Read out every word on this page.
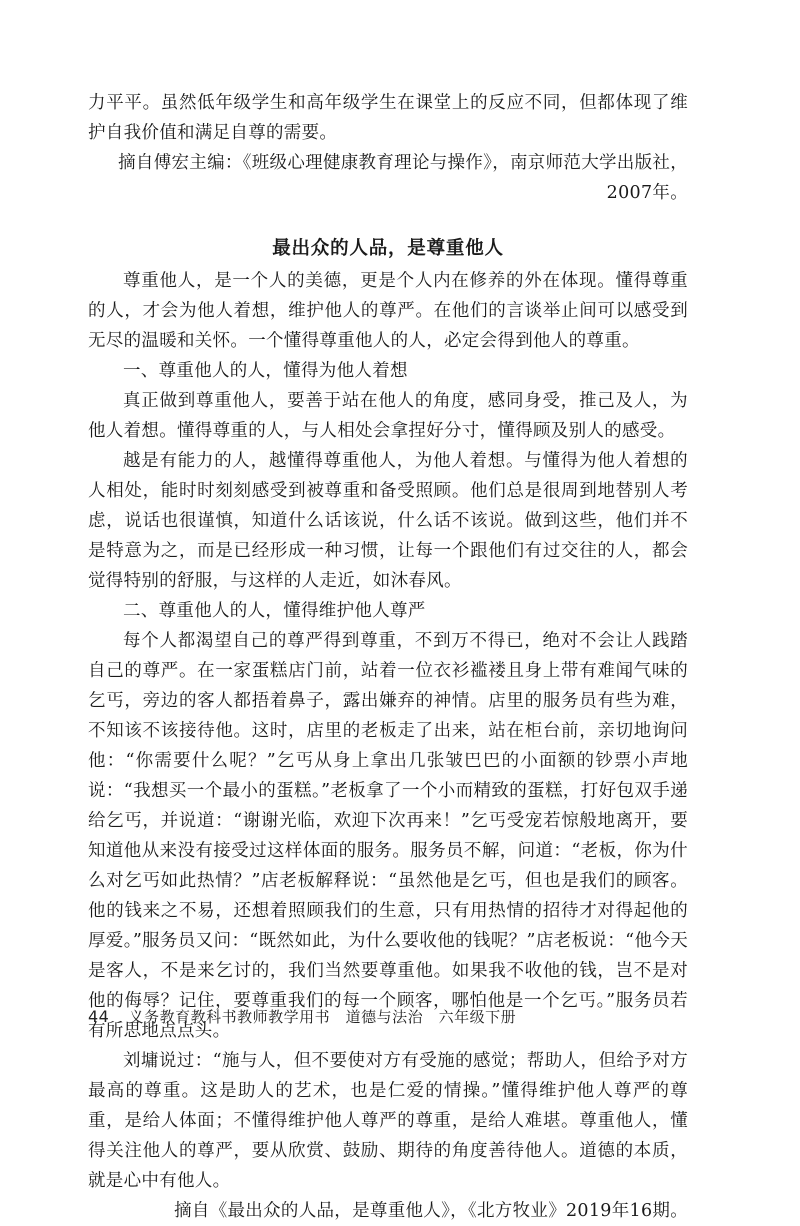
力平平。虽然低年级学生和高年级学生在课堂上的反应不同，但都体现了维护自我价值和满足自尊的需要。

摘自傅宏主编：《班级心理健康教育理论与操作》，南京师范大学出版社，2007年。

最出众的人品，是尊重他人

尊重他人，是一个人的美德，更是个人内在修养的外在体现。懂得尊重的人，才会为他人着想，维护他人的尊严。在他们的言谈举止间可以感受到无尽的温暖和关怀。一个懂得尊重他人的人，必定会得到他人的尊重。

一、尊重他人的人，懂得为他人着想

真正做到尊重他人，要善于站在他人的角度，感同身受，推己及人，为他人着想。懂得尊重的人，与人相处会拿捏好分寸，懂得顾及别人的感受。

越是有能力的人，越懂得尊重他人，为他人着想。与懂得为他人着想的人相处，能时时刻刻感受到被尊重和备受照顾。他们总是很周到地替别人考虑，说话也很谨慎，知道什么话该说，什么话不该说。做到这些，他们并不是特意为之，而是已经形成一种习惯，让每一个跟他们有过交往的人，都会觉得特别的舒服，与这样的人走近，如沐春风。

二、尊重他人的人，懂得维护他人尊严

每个人都渴望自己的尊严得到尊重，不到万不得已，绝对不会让人践踏自己的尊严。在一家蛋糕店门前，站着一位衣衫褴褛且身上带有难闻气味的乞丐，旁边的客人都捂着鼻子，露出嫌弃的神情。店里的服务员有些为难，不知该不该接待他。这时，店里的老板走了出来，站在柜台前，亲切地询问他：“你需要什么呢？”乞丐从身上拿出几张皱巴巴的小面额的钞票小声地说：“我想买一个最小的蛋糕。”老板拿了一个小而精致的蛋糕，打好包双手递给乞丐，并说道：“谢谢光临，欢迎下次再来！”乞丐受宠若惊般地离开，要知道他从来没有接受过这样体面的服务。服务员不解，问道：“老板，你为什么对乞丐如此热情？”店老板解释说：“虽然他是乞丐，但也是我们的顾客。他的钱来之不易，还想着照顾我们的生意，只有用热情的招待才对得起他的厚爱。”服务员又问：“既然如此，为什么要收他的钱呢？”店老板说：“他今天是客人，不是来乞讨的，我们当然要尊重他。如果我不收他的钱，岂不是对他的侮辱？记住，要尊重我们的每一个顾客，哪怕他是一个乞丐。”服务员若有所思地点点头。

刘墉说过：“施与人，但不要使对方有受施的感觉；帮助人，但给予对方最高的尊重。这是助人的艺术，也是仁爱的情操。”懂得维护他人尊严的尊重，是给人体面；不懂得维护他人尊严的尊重，是给人难堪。尊重他人，懂得关注他人的尊严，要从欣赏、鼓励、期待的角度善待他人。道德的本质，就是心中有他人。

摘自《最出众的人品，是尊重他人》，《北方牧业》2019年16期。

44 义务教育教科书教师教学用书　道德与法治　六年级下册
